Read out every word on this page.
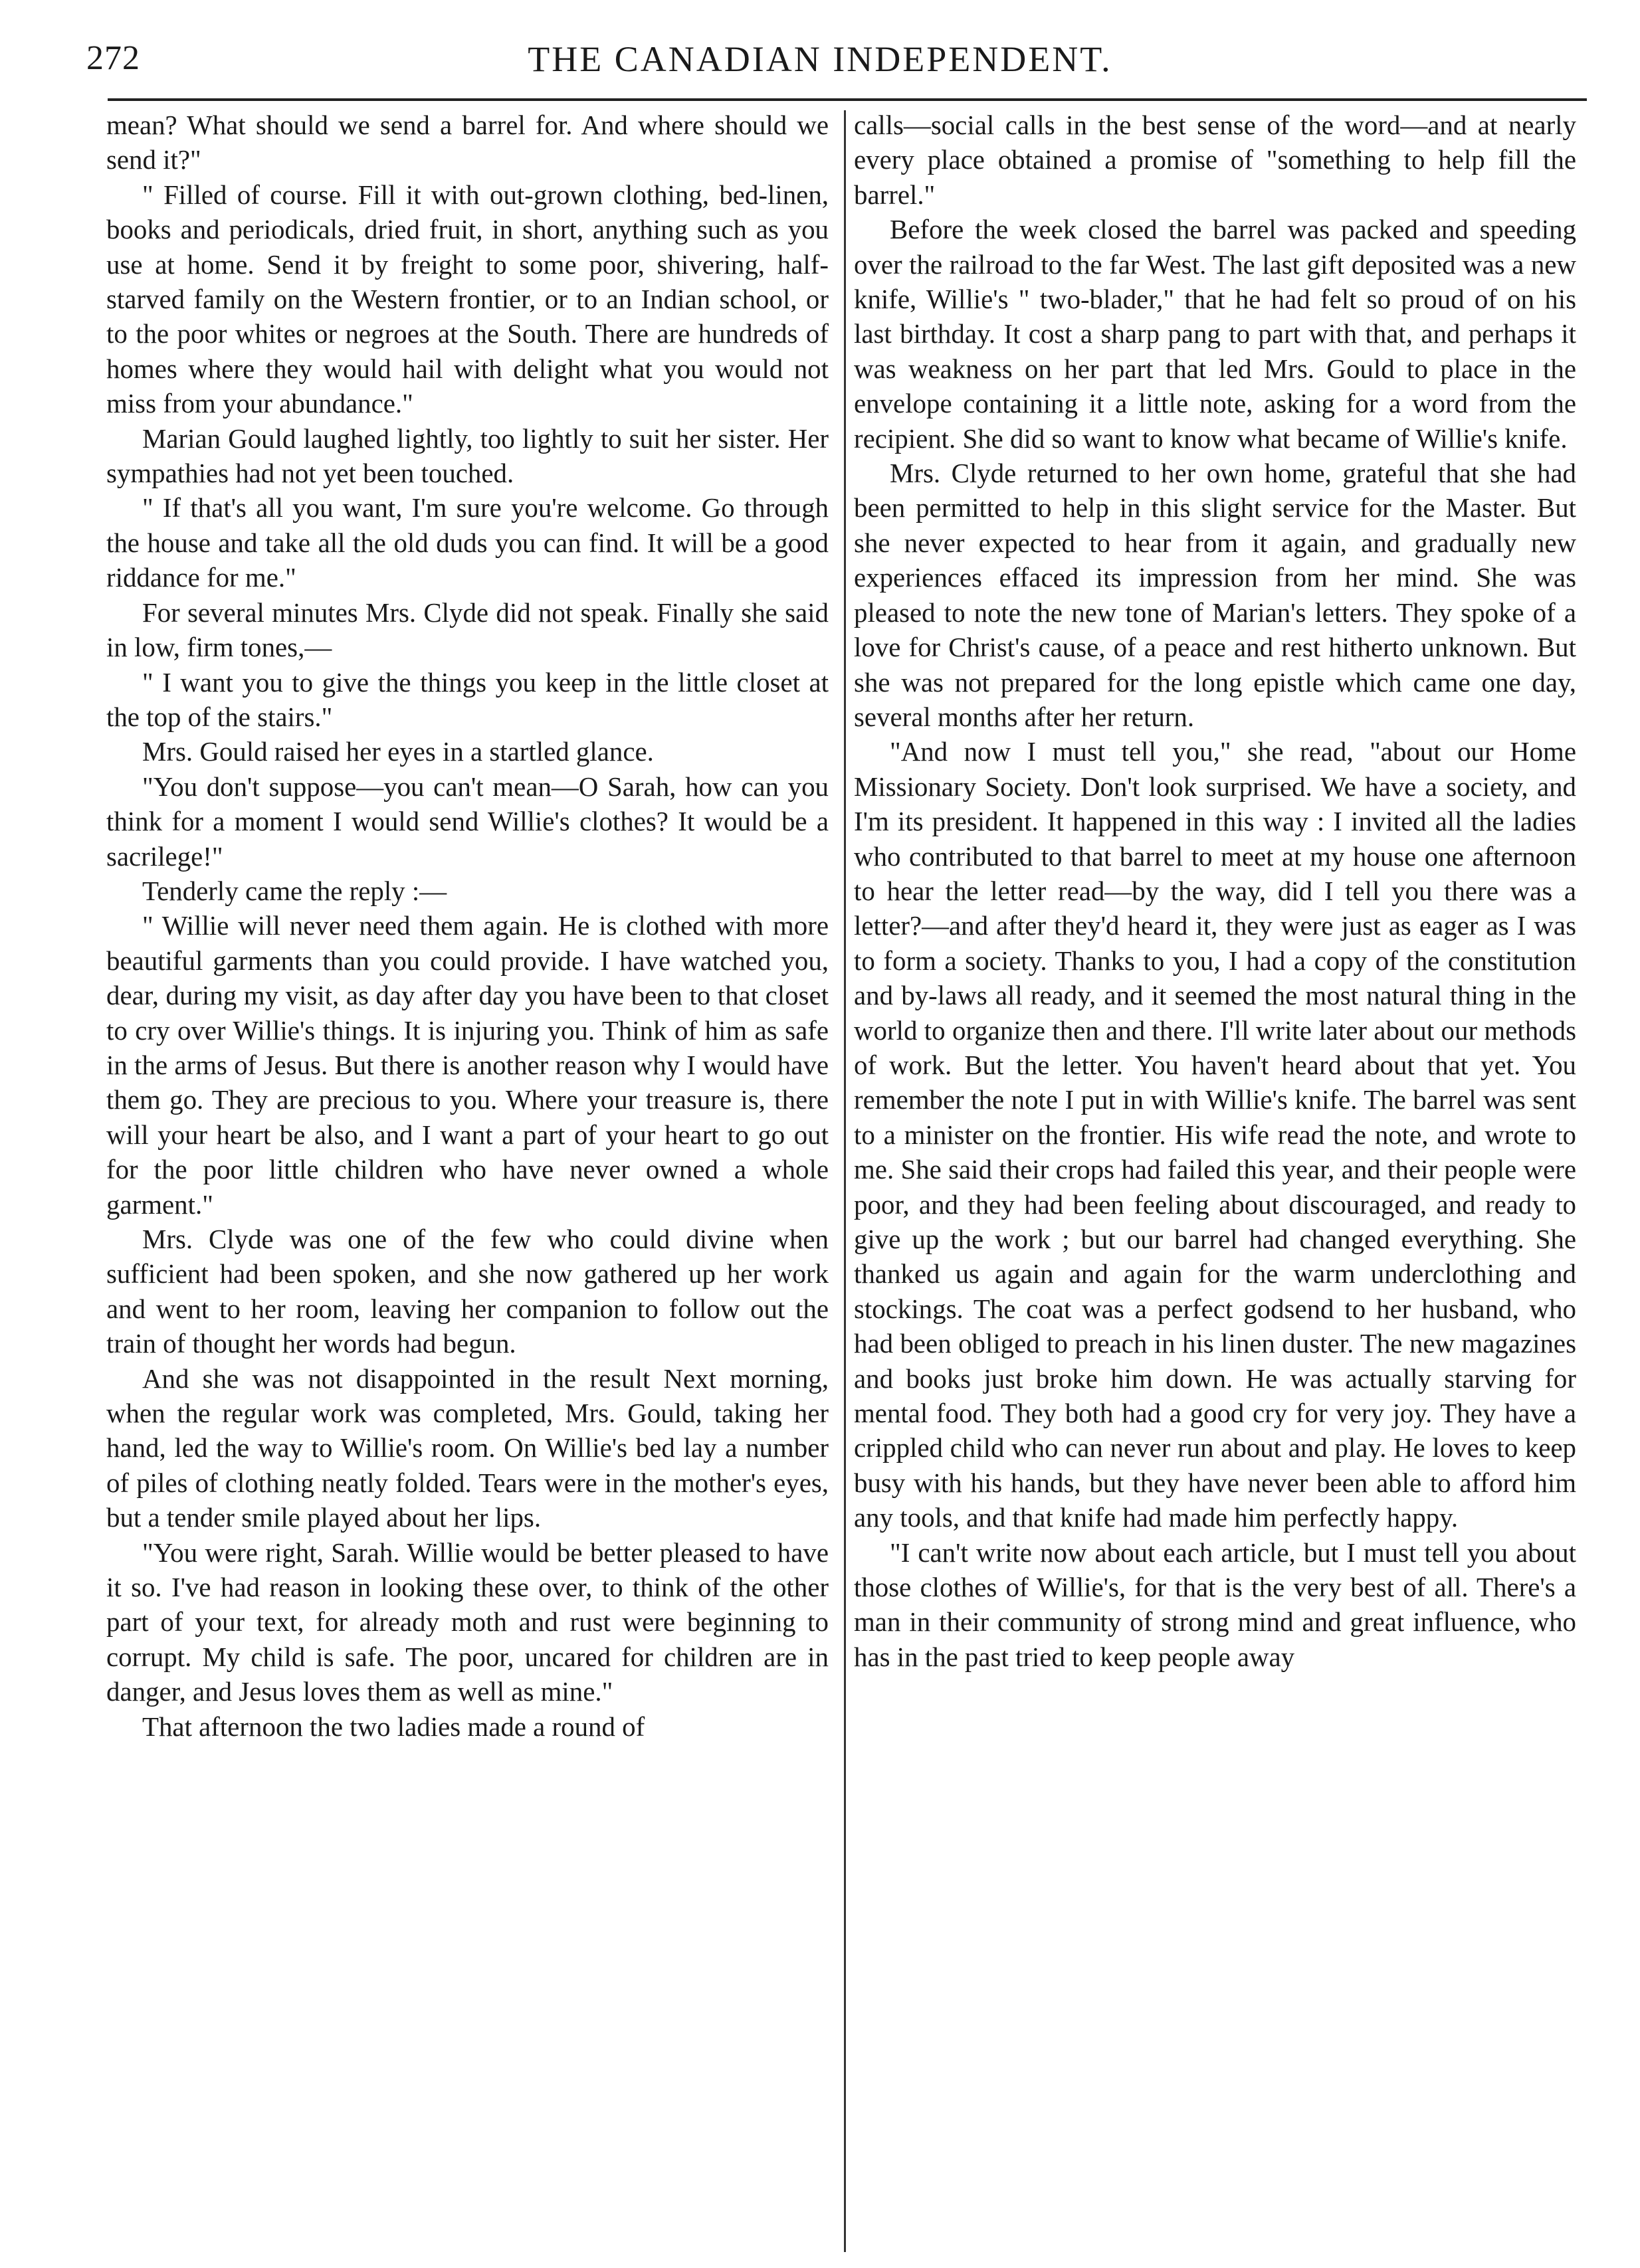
272	THE CANADIAN INDEPENDENT.

mean? What should we send a barrel for. And where should we send it?"

" Filled of course. Fill it with out-grown clothing, bed-linen, books and periodicals, dried fruit, in short, anything such as you use at home. Send it by freight to some poor, shivering, half-starved family on the Western frontier, or to an Indian school, or to the poor whites or negroes at the South. There are hundreds of homes where they would hail with delight what you would not miss from your abundance."

Marian Gould laughed lightly, too lightly to suit her sister. Her sympathies had not yet been touched.

" If that's all you want, I'm sure you're welcome. Go through the house and take all the old duds you can find. It will be a good riddance for me."

For several minutes Mrs. Clyde did not speak. Finally she said in low, firm tones,—

" I want you to give the things you keep in the little closet at the top of the stairs."

Mrs. Gould raised her eyes in a startled glance.

"You don't suppose—you can't mean—O Sarah, how can you think for a moment I would send Willie's clothes? It would be a sacrilege!"

Tenderly came the reply :—

" Willie will never need them again. He is clothed with more beautiful garments than you could provide. I have watched you, dear, during my visit, as day after day you have been to that closet to cry over Willie's things. It is injuring you. Think of him as safe in the arms of Jesus. But there is another reason why I would have them go. They are precious to you. Where your treasure is, there will your heart be also, and I want a part of your heart to go out for the poor little children who have never owned a whole garment."

Mrs. Clyde was one of the few who could divine when sufficient had been spoken, and she now gathered up her work and went to her room, leaving her companion to follow out the train of thought her words had begun.

And she was not disappointed in the result Next morning, when the regular work was completed, Mrs. Gould, taking her hand, led the way to Willie's room. On Willie's bed lay a number of piles of clothing neatly folded. Tears were in the mother's eyes, but a tender smile played about her lips.

"You were right, Sarah. Willie would be better pleased to have it so. I've had reason in looking these over, to think of the other part of your text, for already moth and rust were beginning to corrupt. My child is safe. The poor, uncared for children are in danger, and Jesus loves them as well as mine."

That afternoon the two ladies made a round of

calls—social calls in the best sense of the word—and at nearly every place obtained a promise of "something to help fill the barrel."

Before the week closed the barrel was packed and speeding over the railroad to the far West. The last gift deposited was a new knife, Willie's " two-blader," that he had felt so proud of on his last birthday. It cost a sharp pang to part with that, and perhaps it was weakness on her part that led Mrs. Gould to place in the envelope containing it a little note, asking for a word from the recipient. She did so want to know what became of Willie's knife.

Mrs. Clyde returned to her own home, grateful that she had been permitted to help in this slight service for the Master. But she never expected to hear from it again, and gradually new experiences effaced its impression from her mind. She was pleased to note the new tone of Marian's letters. They spoke of a love for Christ's cause, of a peace and rest hitherto unknown. But she was not prepared for the long epistle which came one day, several months after her return.

"And now I must tell you," she read, "about our Home Missionary Society. Don't look surprised. We have a society, and I'm its president. It happened in this way : I invited all the ladies who contributed to that barrel to meet at my house one afternoon to hear the letter read—by the way, did I tell you there was a letter?—and after they'd heard it, they were just as eager as I was to form a society. Thanks to you, I had a copy of the constitution and by-laws all ready, and it seemed the most natural thing in the world to organize then and there. I'll write later about our methods of work. But the letter. You haven't heard about that yet. You remember the note I put in with Willie's knife. The barrel was sent to a minister on the frontier. His wife read the note, and wrote to me. She said their crops had failed this year, and their people were poor, and they had been feeling about discouraged, and ready to give up the work ; but our barrel had changed everything. She thanked us again and again for the warm underclothing and stockings. The coat was a perfect godsend to her husband, who had been obliged to preach in his linen duster. The new magazines and books just broke him down. He was actually starving for mental food. They both had a good cry for very joy. They have a crippled child who can never run about and play. He loves to keep busy with his hands, but they have never been able to afford him any tools, and that knife had made him perfectly happy.

"I can't write now about each article, but I must tell you about those clothes of Willie's, for that is the very best of all. There's a man in their community of strong mind and great influence, who has in the past tried to keep people away
